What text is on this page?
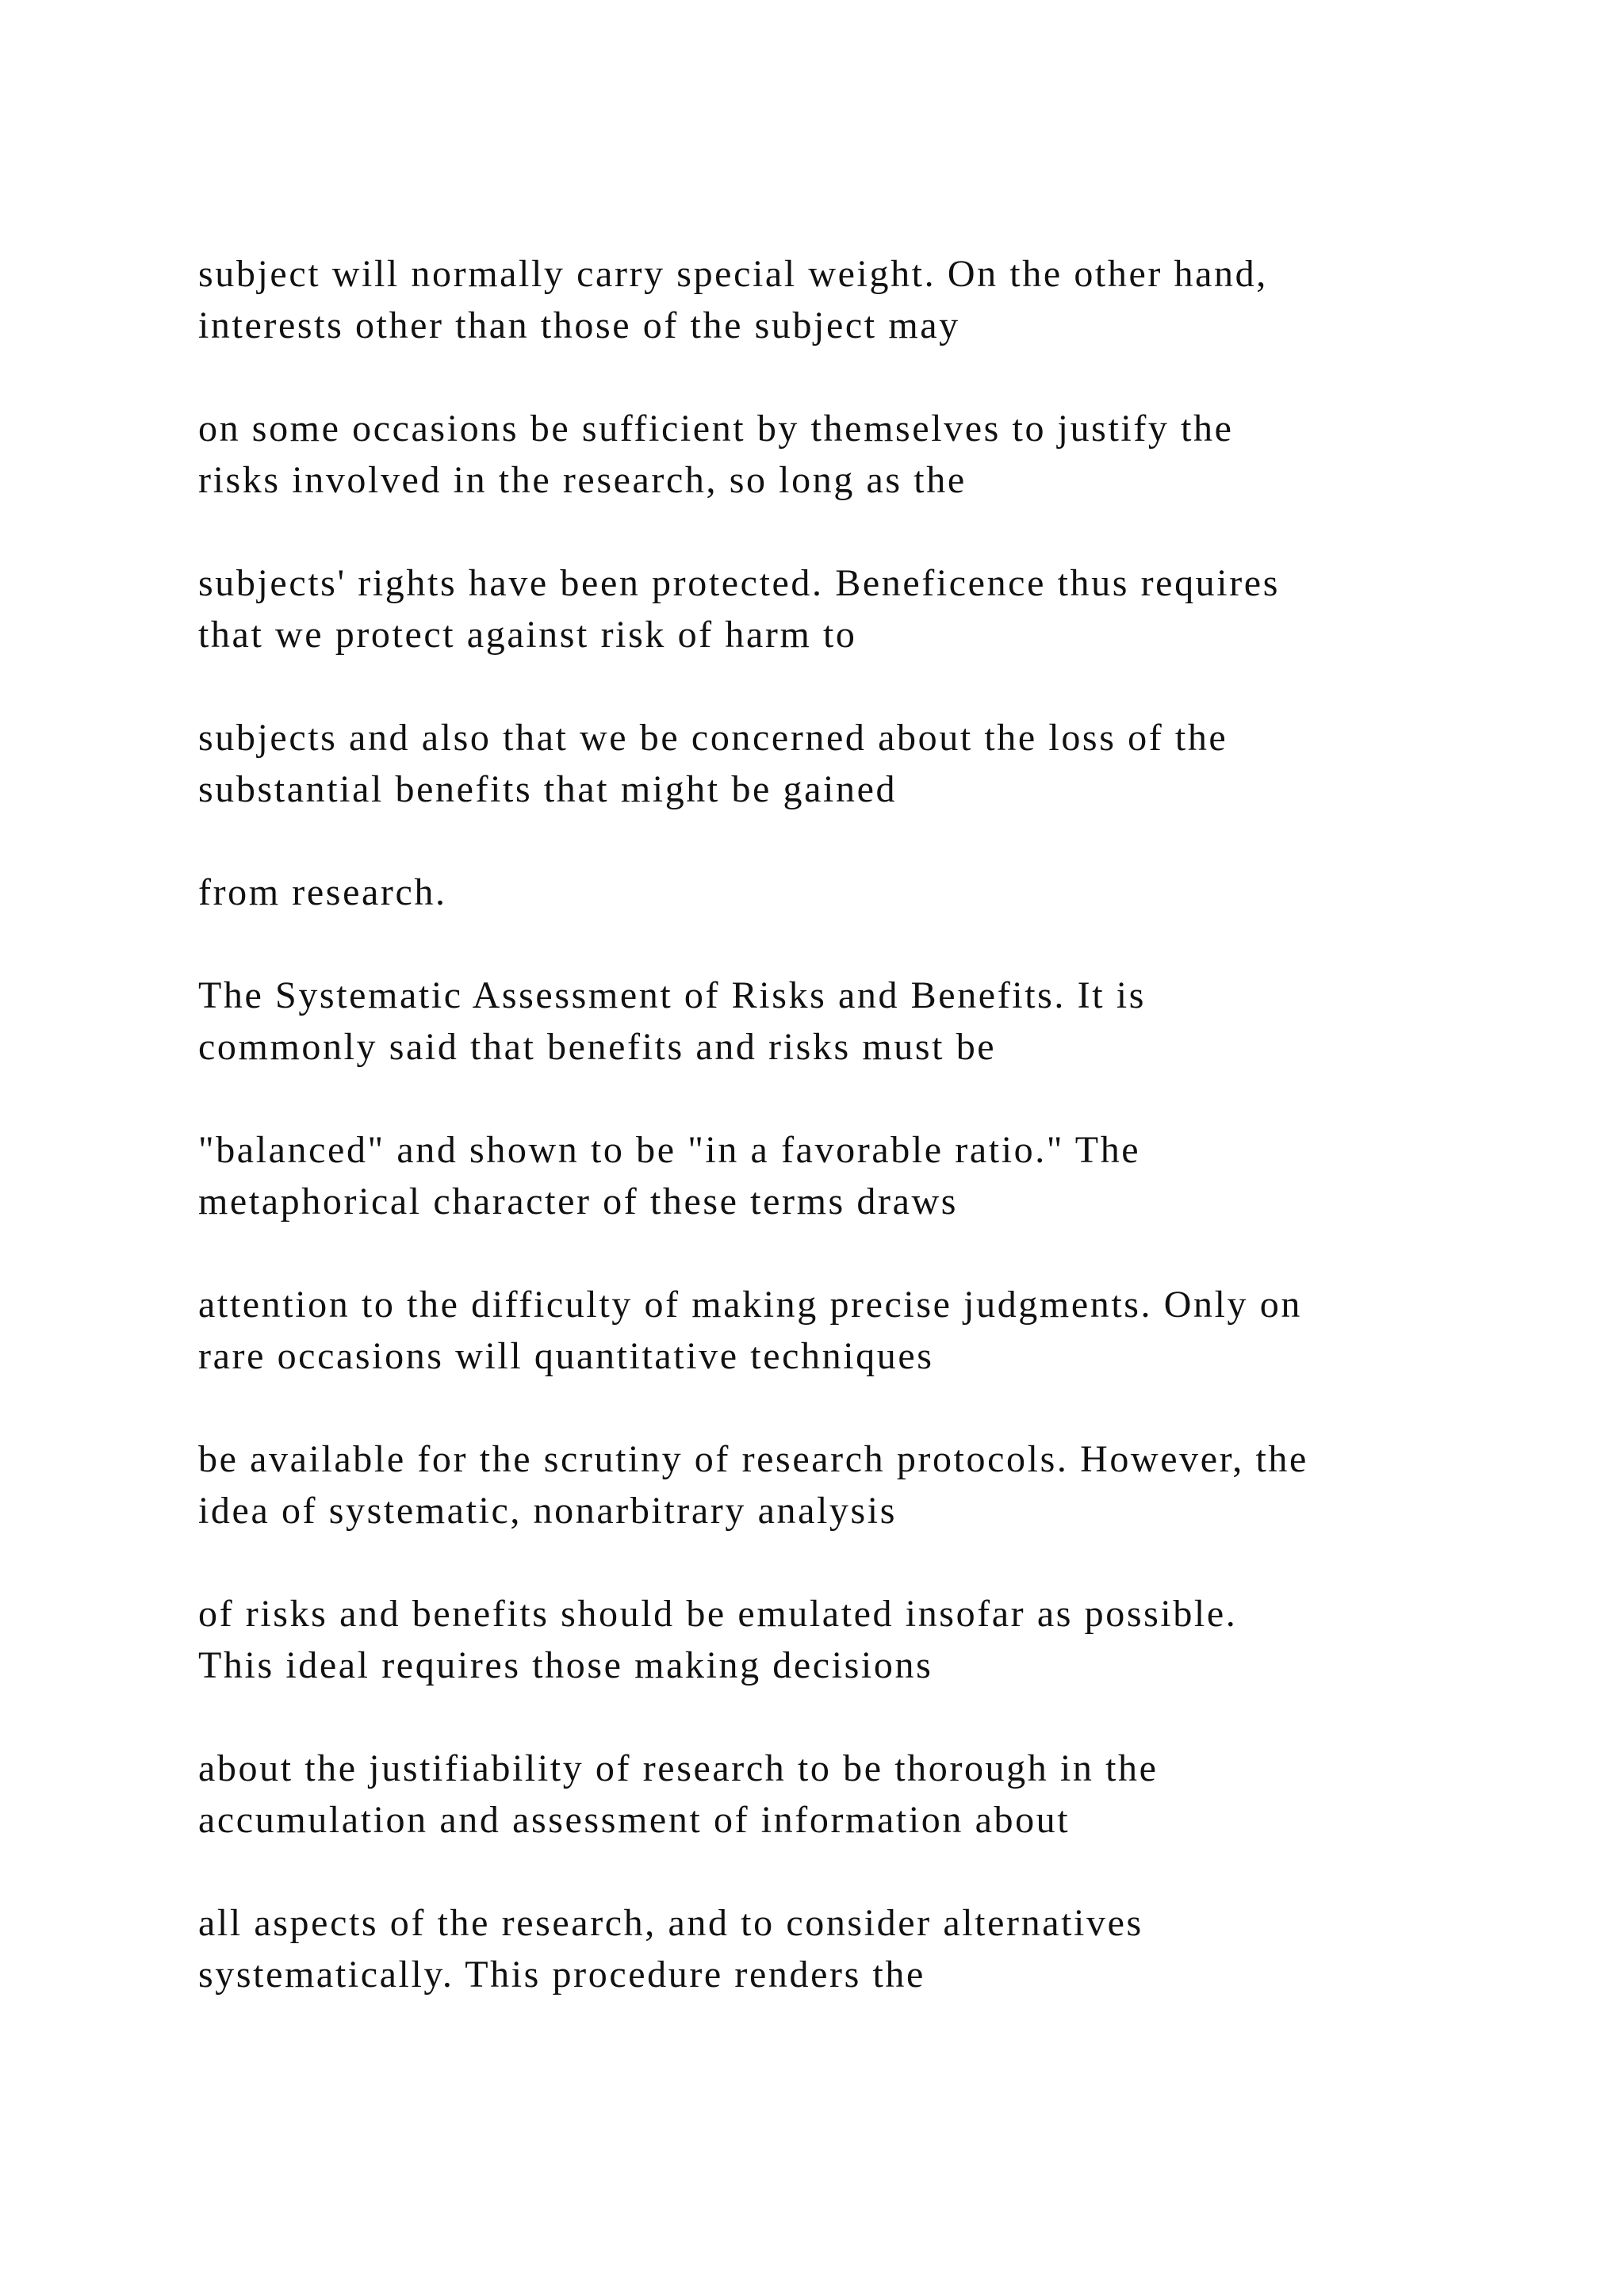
subject will normally carry special weight. On the other hand,
interests other than those of the subject may

on some occasions be sufficient by themselves to justify the
risks involved in the research, so long as the

subjects' rights have been protected. Beneficence thus requires
that we protect against risk of harm to

subjects and also that we be concerned about the loss of the
substantial benefits that might be gained

from research.

The Systematic Assessment of Risks and Benefits. It is
commonly said that benefits and risks must be

"balanced" and shown to be "in a favorable ratio." The
metaphorical character of these terms draws

attention to the difficulty of making precise judgments. Only on
rare occasions will quantitative techniques

be available for the scrutiny of research protocols. However, the
idea of systematic, nonarbitrary analysis

of risks and benefits should be emulated insofar as possible.
This ideal requires those making decisions

about the justifiability of research to be thorough in the
accumulation and assessment of information about

all aspects of the research, and to consider alternatives
systematically. This procedure renders the
